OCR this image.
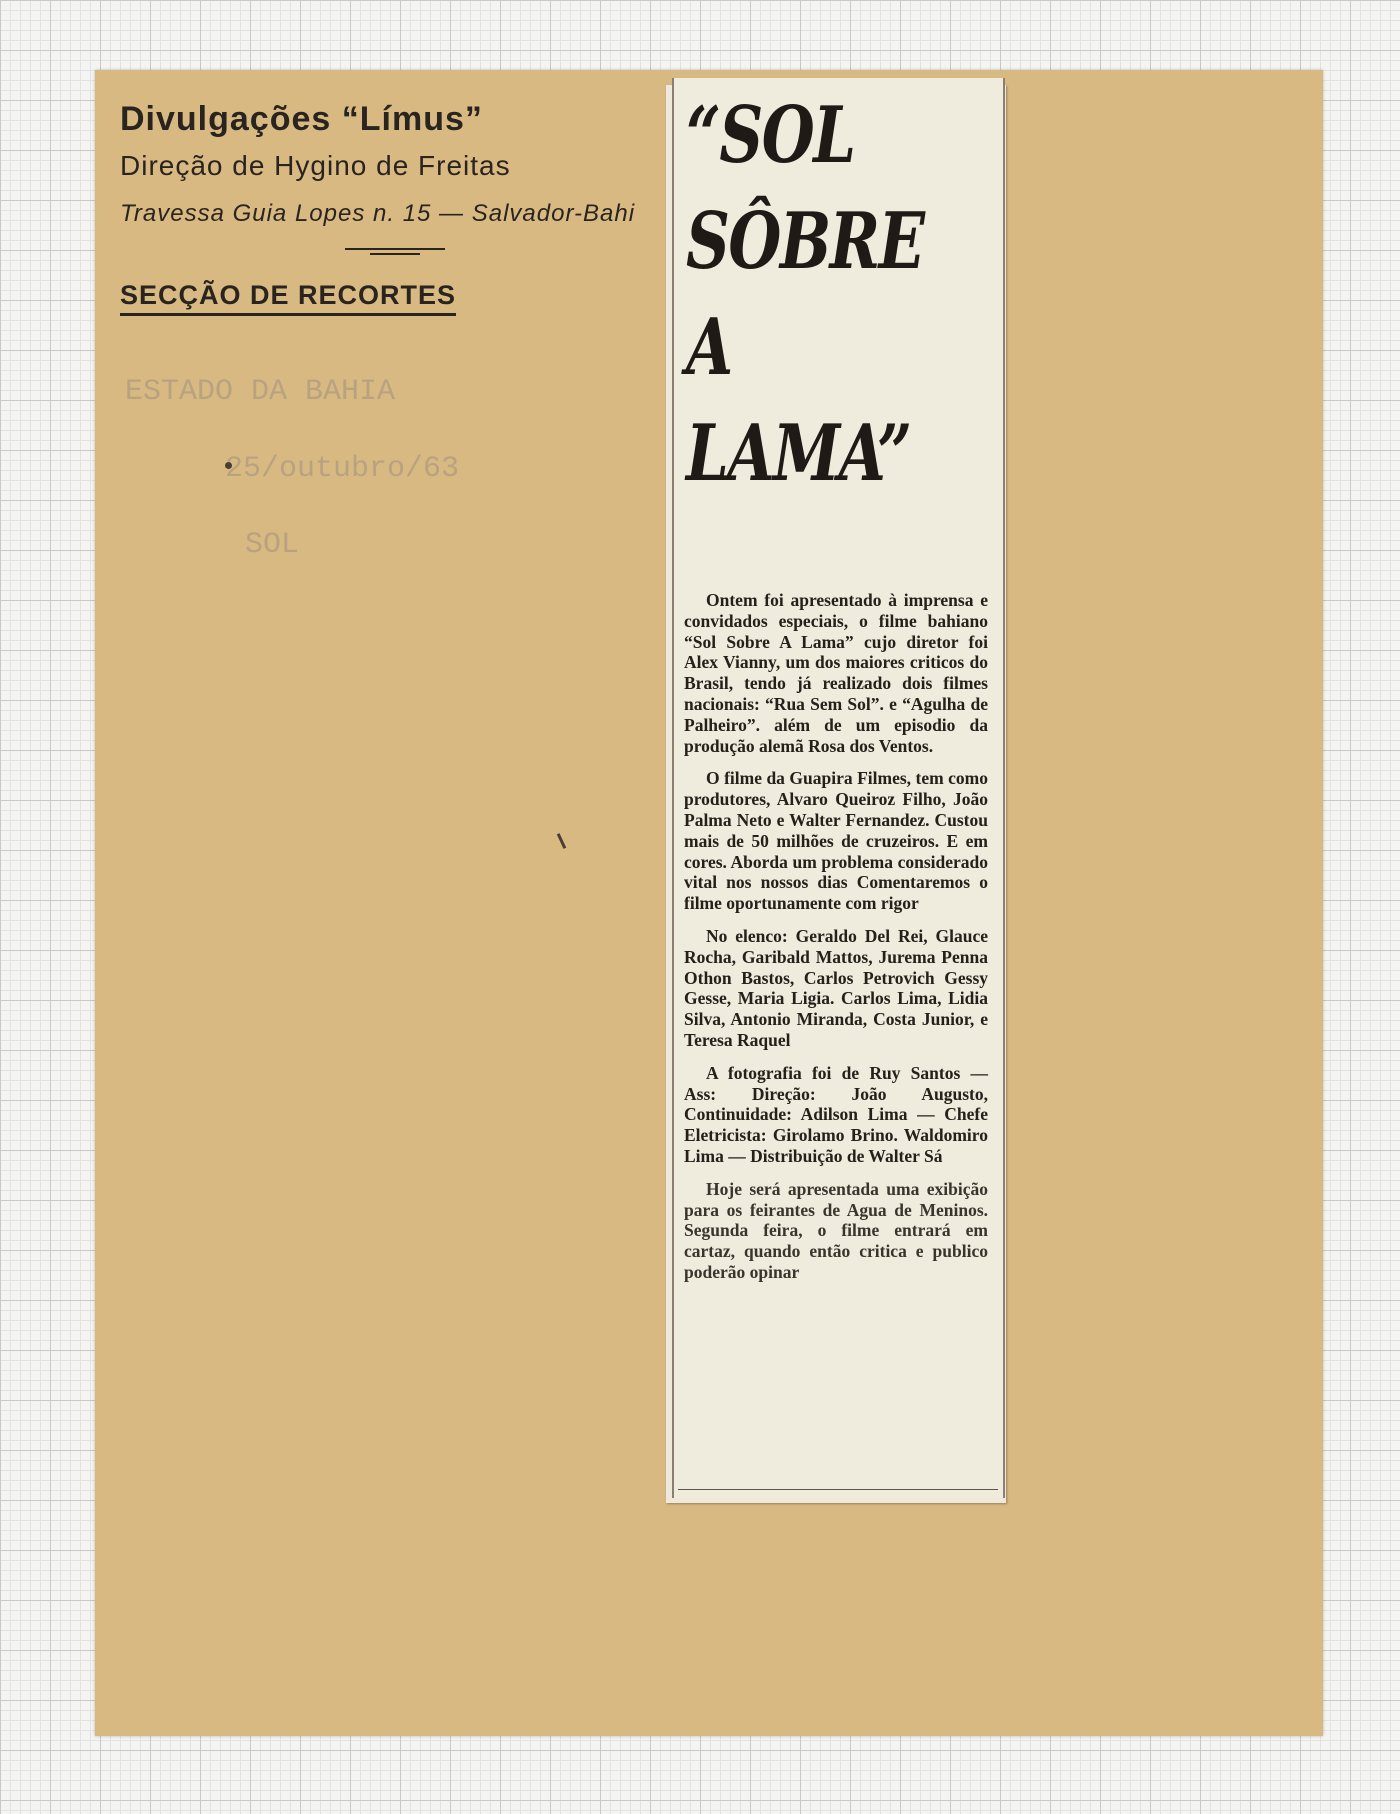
Divulgações “Límus”
Direção de Hygino de Freitas
Travessa Guia Lopes n. 15 — Salvador-Bahi
SECÇÃO DE RECORTES
ESTADO DA BAHIA
25/outubro/63
SOL
“SOL
SÔBRE
A
LAMA”

Ontem foi apresentado à imprensa e convidados especiais, o filme bahiano “Sol Sobre A Lama” cujo diretor foi Alex Vianny, um dos maiores criticos do Brasil, tendo já realizado dois filmes nacionais: “Rua Sem Sol”. e “Agulha de Palheiro”. além de um episodio da produção alemã Rosa dos Ventos.

O filme da Guapira Filmes, tem como produtores, Alvaro Queiroz Filho, João Palma Neto e Walter Fernandez. Custou mais de 50 milhões de cruzeiros. E em cores. Aborda um problema considerado vital nos nossos dias Comentaremos o filme oportunamente com rigor

No elenco: Geraldo Del Rei, Glauce Rocha, Garibald Mattos, Jurema Penna Othon Bastos, Carlos Petrovich Gessy Gesse, Maria Ligia. Carlos Lima, Lidia Silva, Antonio Miranda, Costa Junior, e Teresa Raquel

A fotografia foi de Ruy Santos — Ass: Direção: João Augusto, Continuidade: Adilson Lima — Chefe Eletricista: Girolamo Brino. Waldomiro Lima — Distribuição de Walter Sá

Hoje será apresentada uma exibição para os feirantes de Agua de Meninos. Segunda feira, o filme entrará em cartaz, quando então critica e publico poderão opinar
